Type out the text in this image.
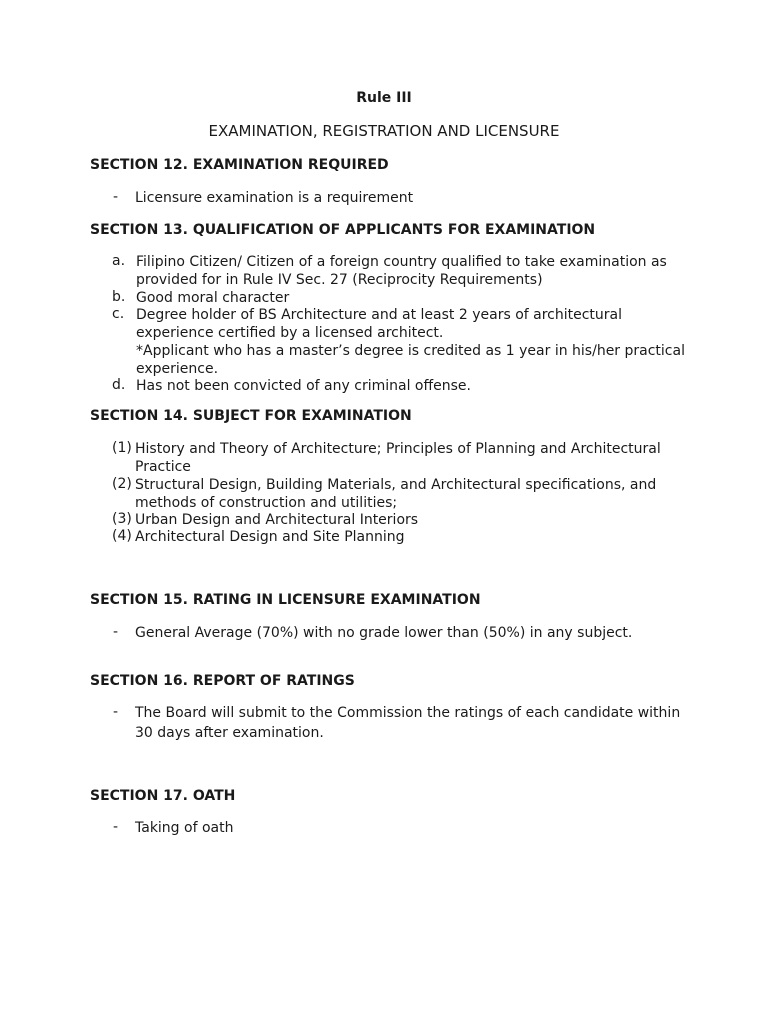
Rule III
EXAMINATION, REGISTRATION AND LICENSURE
SECTION 12. EXAMINATION REQUIRED
- Licensure examination is a requirement
SECTION 13. QUALIFICATION OF APPLICANTS FOR EXAMINATION
a. Filipino Citizen/ Citizen of a foreign country qualified to take examination as
provided for in Rule IV Sec. 27 (Reciprocity Requirements)
b. Good moral character
c. Degree holder of BS Architecture and at least 2 years of architectural
experience certified by a licensed architect.
*Applicant who has a master’s degree is credited as 1 year in his/her practical
experience.
d. Has not been convicted of any criminal offense.
SECTION 14. SUBJECT FOR EXAMINATION
(1) History and Theory of Architecture; Principles of Planning and Architectural
Practice
(2) Structural Design, Building Materials, and Architectural specifications, and
methods of construction and utilities;
(3) Urban Design and Architectural Interiors
(4) Architectural Design and Site Planning
SECTION 15. RATING IN LICENSURE EXAMINATION
- General Average (70%) with no grade lower than (50%) in any subject.
SECTION 16. REPORT OF RATINGS
- The Board will submit to the Commission the ratings of each candidate within
30 days after examination.
SECTION 17. OATH
- Taking of oath
